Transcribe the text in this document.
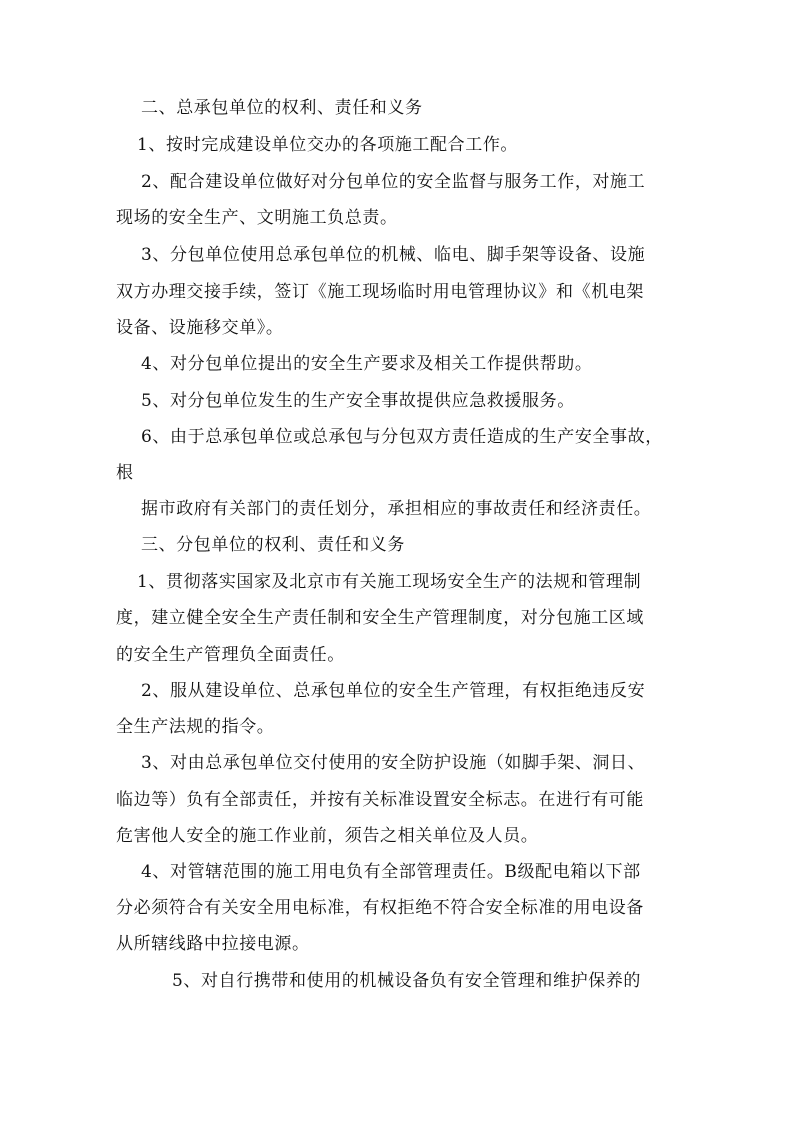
二、总承包单位的权利、责任和义务
1、按时完成建设单位交办的各项施工配合工作。
2、配合建设单位做好对分包单位的安全监督与服务工作，对施工
现场的安全生产、文明施工负总责。
3、分包单位使用总承包单位的机械、临电、脚手架等设备、设施
双方办理交接手续，签订《施工现场临时用电管理协议》和《机电架
设备、设施移交单》。
4、对分包单位提出的安全生产要求及相关工作提供帮助。
5、对分包单位发生的生产安全事故提供应急救援服务。
6、由于总承包单位或总承包与分包双方责任造成的生产安全事故，
根
据市政府有关部门的责任划分，承担相应的事故责任和经济责任。
三、分包单位的权利、责任和义务
1、贯彻落实国家及北京市有关施工现场安全生产的法规和管理制
度，建立健全安全生产责任制和安全生产管理制度，对分包施工区域
的安全生产管理负全面责任。
2、服从建设单位、总承包单位的安全生产管理，有权拒绝违反安
全生产法规的指令。
3、对由总承包单位交付使用的安全防护设施（如脚手架、洞日、
临边等）负有全部责任，并按有关标准设置安全标志。在进行有可能
危害他人安全的施工作业前，须告之相关单位及人员。
4、对管辖范围的施工用电负有全部管理责任。B级配电箱以下部
分必须符合有关安全用电标准，有权拒绝不符合安全标准的用电设备
从所辖线路中拉接电源。
5、对自行携带和使用的机械设备负有安全管理和维护保养的
